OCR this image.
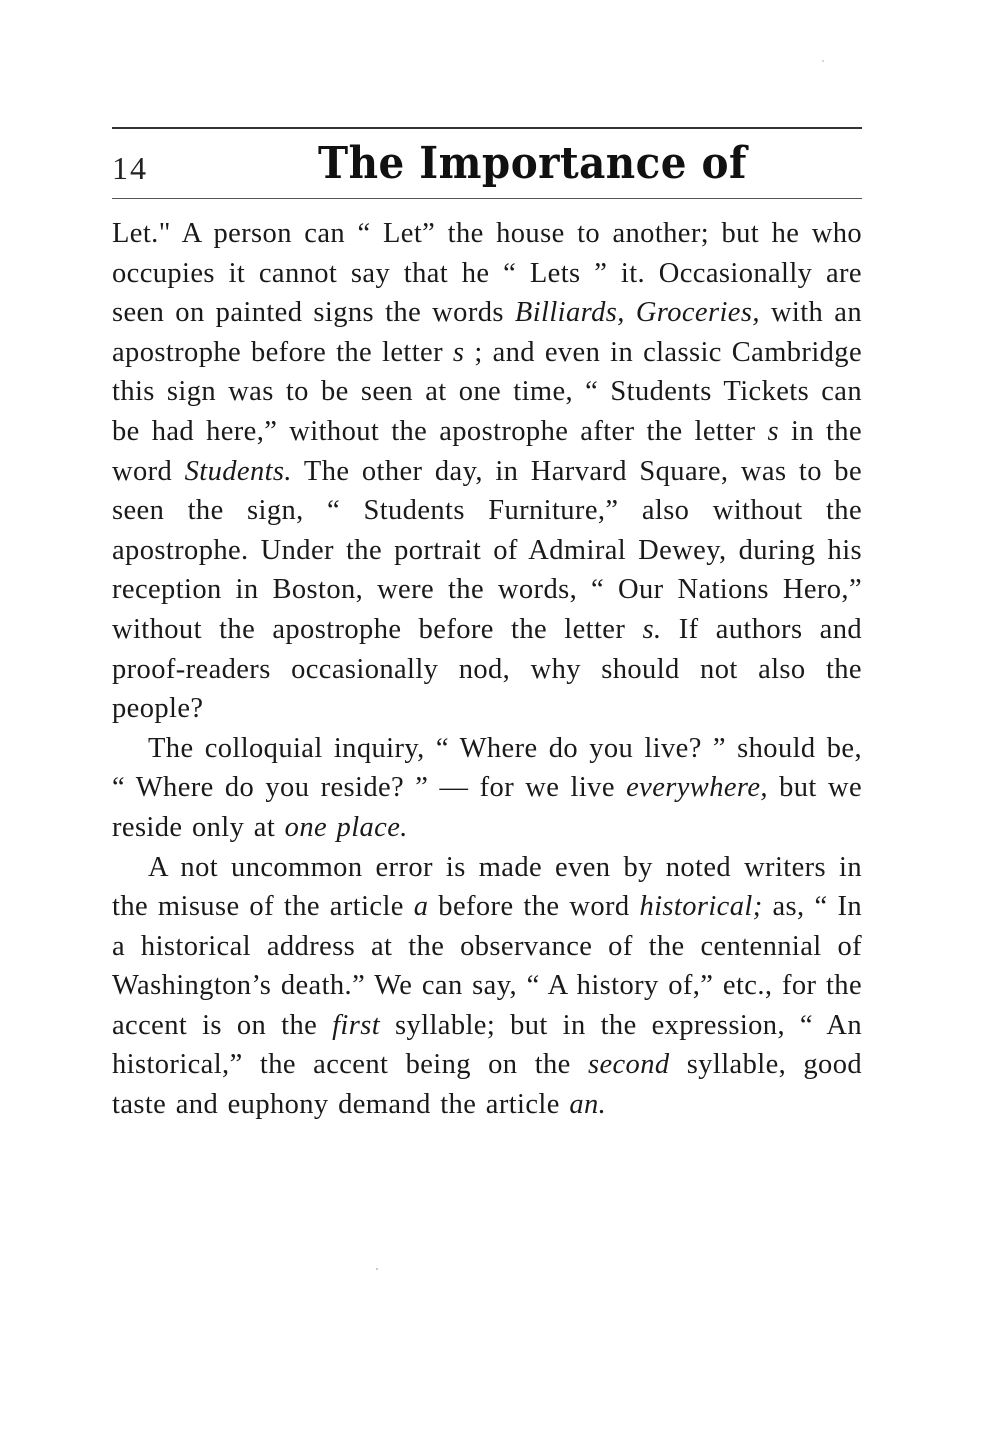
14	The Importance of

Let." A person can “ Let” the house to another; but he who occupies it cannot say that he “ Lets ” it. Occasionally are seen on painted signs the words Billiards, Groceries, with an apostrophe before the letter s ; and even in classic Cambridge this sign was to be seen at one time, “ Students Tickets can be had here,” without the apostrophe after the letter s in the word Students. The other day, in Harvard Square, was to be seen the sign, “ Students Furniture,” also without the apostrophe. Under the portrait of Admiral Dewey, during his reception in Boston, were the words, “ Our Nations Hero,” without the apostrophe before the letter s. If authors and proof-readers occasionally nod, why should not also the people?

The colloquial inquiry, “ Where do you live? ” should be, “ Where do you reside? ” — for we live everywhere, but we reside only at one place.

A not uncommon error is made even by noted writers in the misuse of the article a before the word historical; as, “ In a historical address at the observance of the centennial of Washington’s death.” We can say, “ A history of,” etc., for the accent is on the first syllable; but in the expression, “ An historical,” the accent being on the second syllable, good taste and euphony demand the article an.
